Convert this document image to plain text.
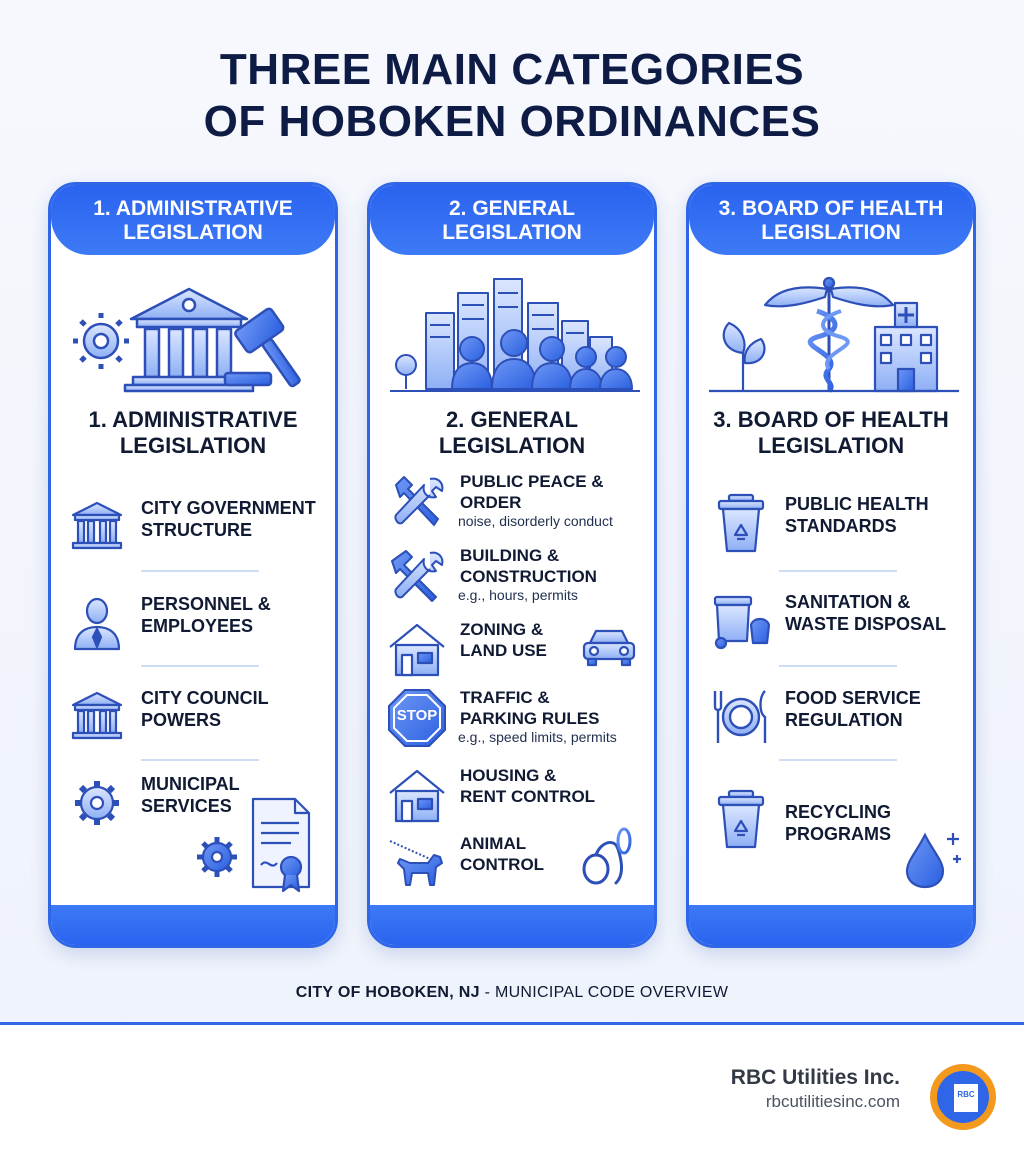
THREE MAIN CATEGORIES
OF HOBOKEN ORDINANCES
1. ADMINISTRATIVE
LEGISLATION
1. ADMINISTRATIVE
LEGISLATION
CITY GOVERNMENT
STRUCTURE
PERSONNEL &
EMPLOYEES
CITY COUNCIL
POWERS
MUNICIPAL
SERVICES
2. GENERAL
LEGISLATION
2. GENERAL
LEGISLATION
PUBLIC PEACE &
ORDER
noise, disorderly conduct
BUILDING &
CONSTRUCTION
e.g., hours, permits
ZONING &
LAND USE
STOP
TRAFFIC &
PARKING RULES
e.g., speed limits, permits
HOUSING &
RENT CONTROL
ANIMAL
CONTROL
3. BOARD OF HEALTH
LEGISLATION
3. BOARD OF HEALTH
LEGISLATION
PUBLIC HEALTH
STANDARDS
SANITATION &
WASTE DISPOSAL
FOOD SERVICE
REGULATION
RECYCLING
PROGRAMS
CITY OF HOBOKEN, NJ - MUNICIPAL CODE OVERVIEW
RBC Utilities Inc.
rbcutilitiesinc.com	RBC
